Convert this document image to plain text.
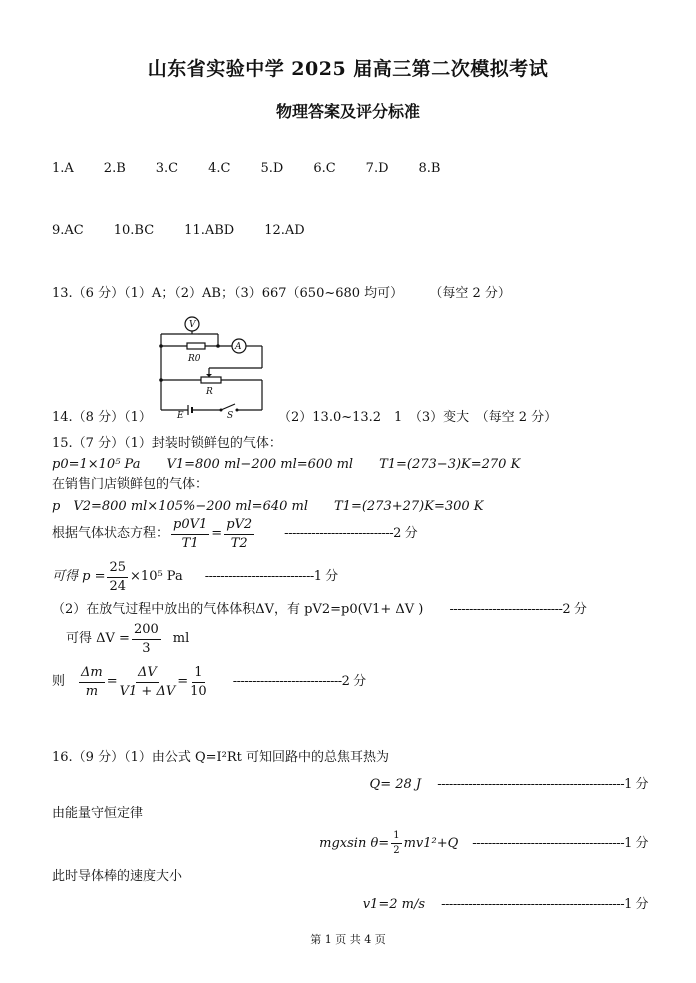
山东省实验中学 2025 届高三第二次模拟考试
物理答案及评分标准
1.A 2.B 3.C 4.C 5.D 6.C 7.D 8.B
9.AC 10.BC 11.ABD 12.AD
13.（6 分）（1）A；（2）AB；（3）667（650~680 均可） （每空 2 分）
V
A
R0
R
E	S
14.（8 分）（1）	（2）13.0~13.2　1　（3）变大　（每空 2 分）
15.（7 分）（1）封装时锁鲜包的气体：
p0=1×10⁵ Pa　　V1=800 ml−200 ml=600 ml　　T1=(273−3)K=270 K
在销售门店锁鲜包的气体：
p　V2=800 ml×105%−200 ml=640 ml　　T1=(273+27)K=300 K
根据气体状态方程： $\frac{p0V1}{T1} = \frac{pV2}{T2} ----------------------------2$ 分
可得 $p = \frac{25}{24} \times 10^5$ Pa ----------------------------1 分
（2）在放气过程中放出的气体体积ΔV，有 pV2=p0(V1+ ΔV ) -----------------------------2 分
可得 $\Delta V = \frac{200}{3}$ ml
则 $\frac{\Delta m}{m} = \frac{\Delta V}{V1 + \Delta V} = \frac{1}{10} ----------------------------2$ 分
16.（9 分）（1）由公式 Q=I²Rt 可知回路中的总焦耳热为
Q= 28 J ------------------------------------------------1 分
由能量守恒定律
mgxsin $\theta= \frac{1}{2} mv1^2+Q$ ---------------------------------------1 分
此时导体棒的速度大小
v1=2 m/s -----------------------------------------------1 分
第 1 页 共 4 页
